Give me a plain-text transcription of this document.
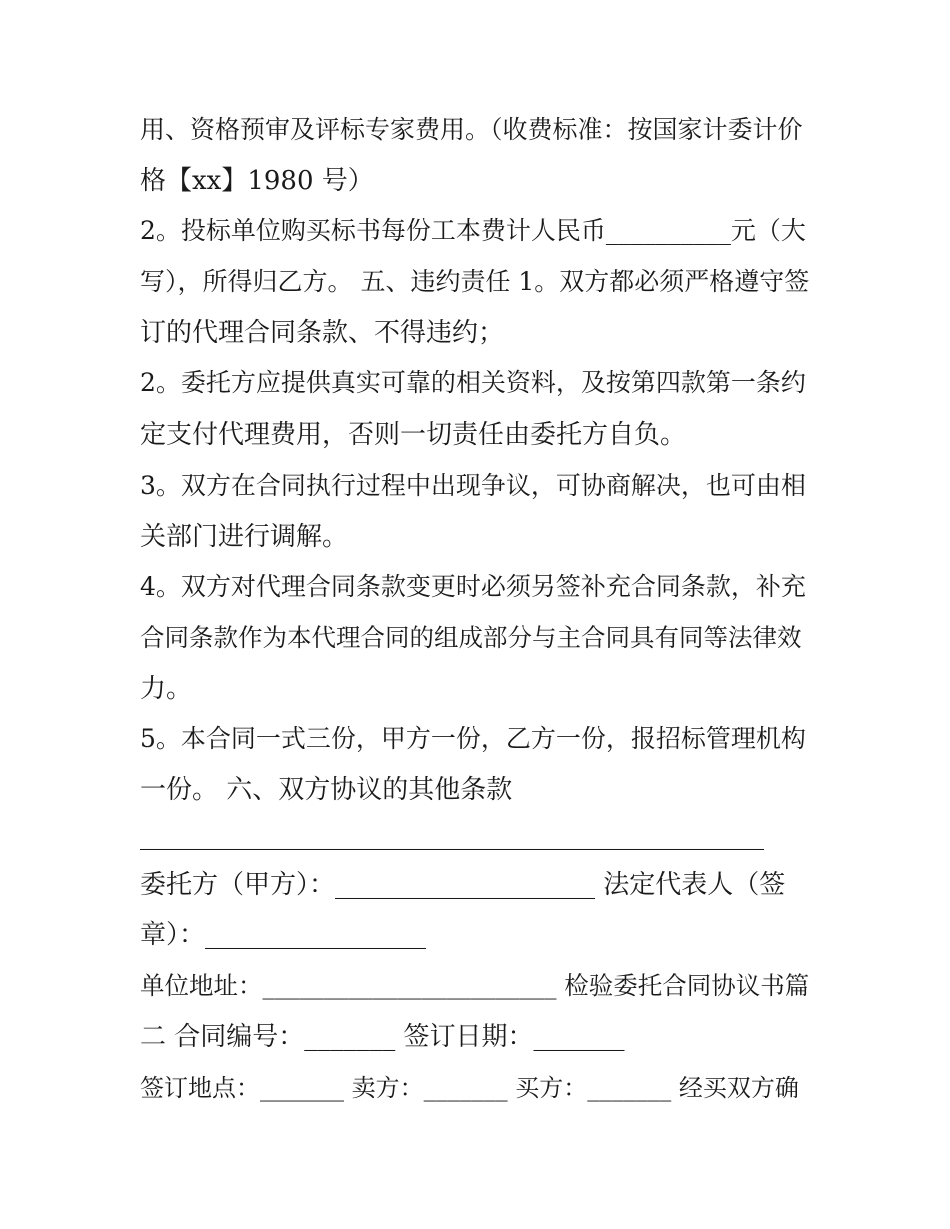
用、资格预审及评标专家费用。（收费标准：按国家计委计价

格【xx】1980 号）

2。投标单位购买标书每份工本费计人民币__________元（大

写），所得归乙方。 五、违约责任 1。双方都必须严格遵守签

订的代理合同条款、不得违约；

2。委托方应提供真实可靠的相关资料，及按第四款第一条约

定支付代理费用，否则一切责任由委托方自负。

3。双方在合同执行过程中出现争议，可协商解决，也可由相

关部门进行调解。

4。双方对代理合同条款变更时必须另签补充合同条款，补充

合同条款作为本代理合同的组成部分与主合同具有同等法律效

力。

5。本合同一式三份，甲方一份，乙方一份，报招标管理机构

一份。 六、双方协议的其他条款

________________________________________________

委托方（甲方）：____________________ 法定代表人（签

章）：_________________

单位地址：________________________ 检验委托合同协议书篇

二 合同编号：_______ 签订日期：_______

签订地点：_______ 卖方：_______ 买方：_______ 经买双方确
